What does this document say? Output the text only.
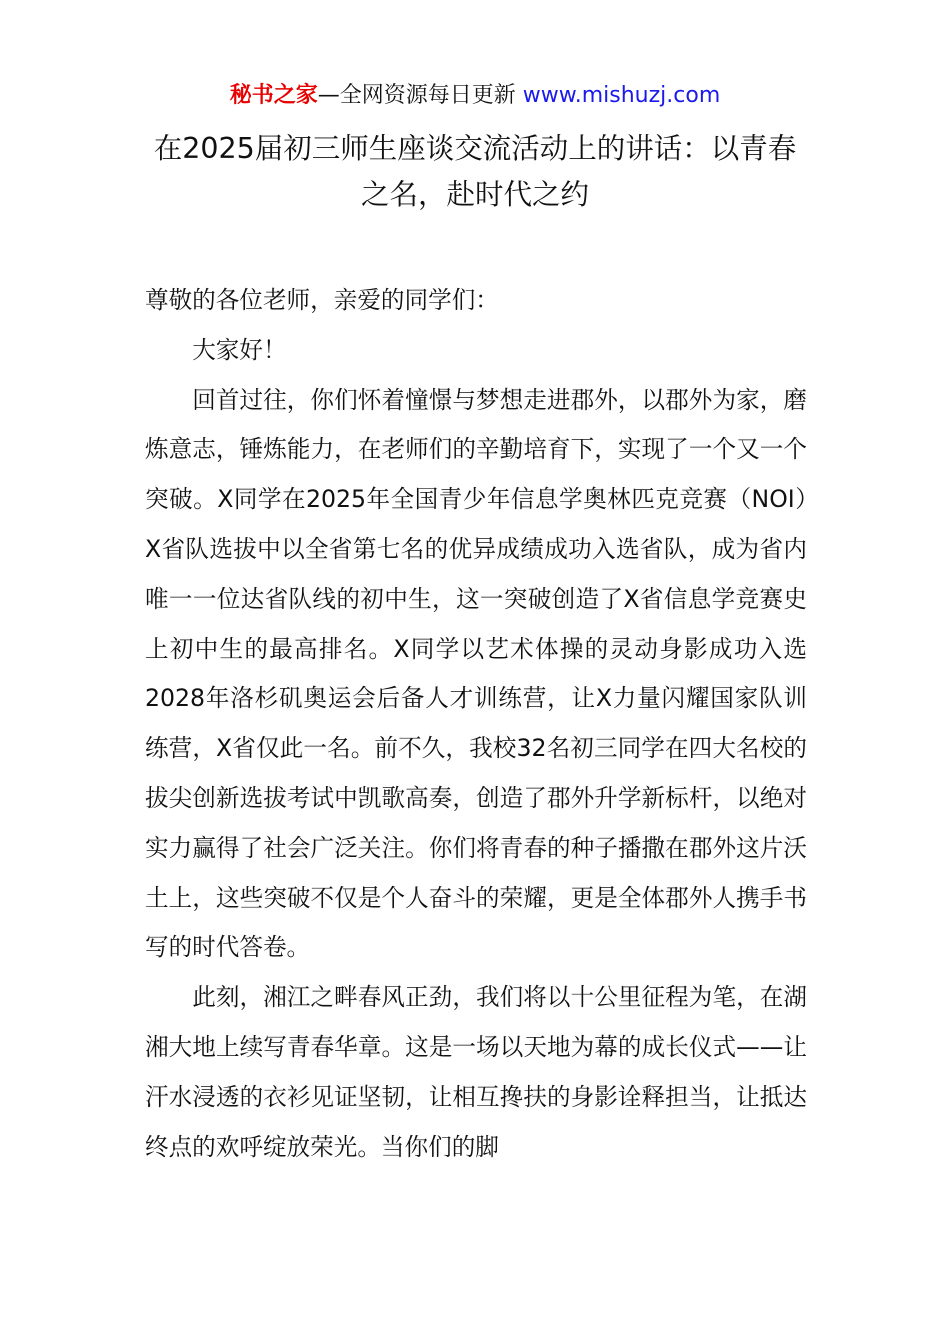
秘书之家—全网资源每日更新 www.mishuzj.com
在2025届初三师生座谈交流活动上的讲话：以青春之名，赴时代之约

尊敬的各位老师，亲爱的同学们：

大家好！

回首过往，你们怀着憧憬与梦想走进郡外，以郡外为家，磨炼意志，锤炼能力，在老师们的辛勤培育下，实现了一个又一个突破。X同学在2025年全国青少年信息学奥林匹克竞赛（NOI）X省队选拔中以全省第七名的优异成绩成功入选省队，成为省内唯一一位达省队线的初中生，这一突破创造了X省信息学竞赛史上初中生的最高排名。X同学以艺术体操的灵动身影成功入选2028年洛杉矶奥运会后备人才训练营，让X力量闪耀国家队训练营，X省仅此一名。前不久，我校32名初三同学在四大名校的拔尖创新选拔考试中凯歌高奏，创造了郡外升学新标杆，以绝对实力赢得了社会广泛关注。你们将青春的种子播撒在郡外这片沃土上，这些突破不仅是个人奋斗的荣耀，更是全体郡外人携手书写的时代答卷。

此刻，湘江之畔春风正劲，我们将以十公里征程为笔，在湖湘大地上续写青春华章。这是一场以天地为幕的成长仪式——让汗水浸透的衣衫见证坚韧，让相互搀扶的身影诠释担当，让抵达终点的欢呼绽放荣光。当你们的脚
